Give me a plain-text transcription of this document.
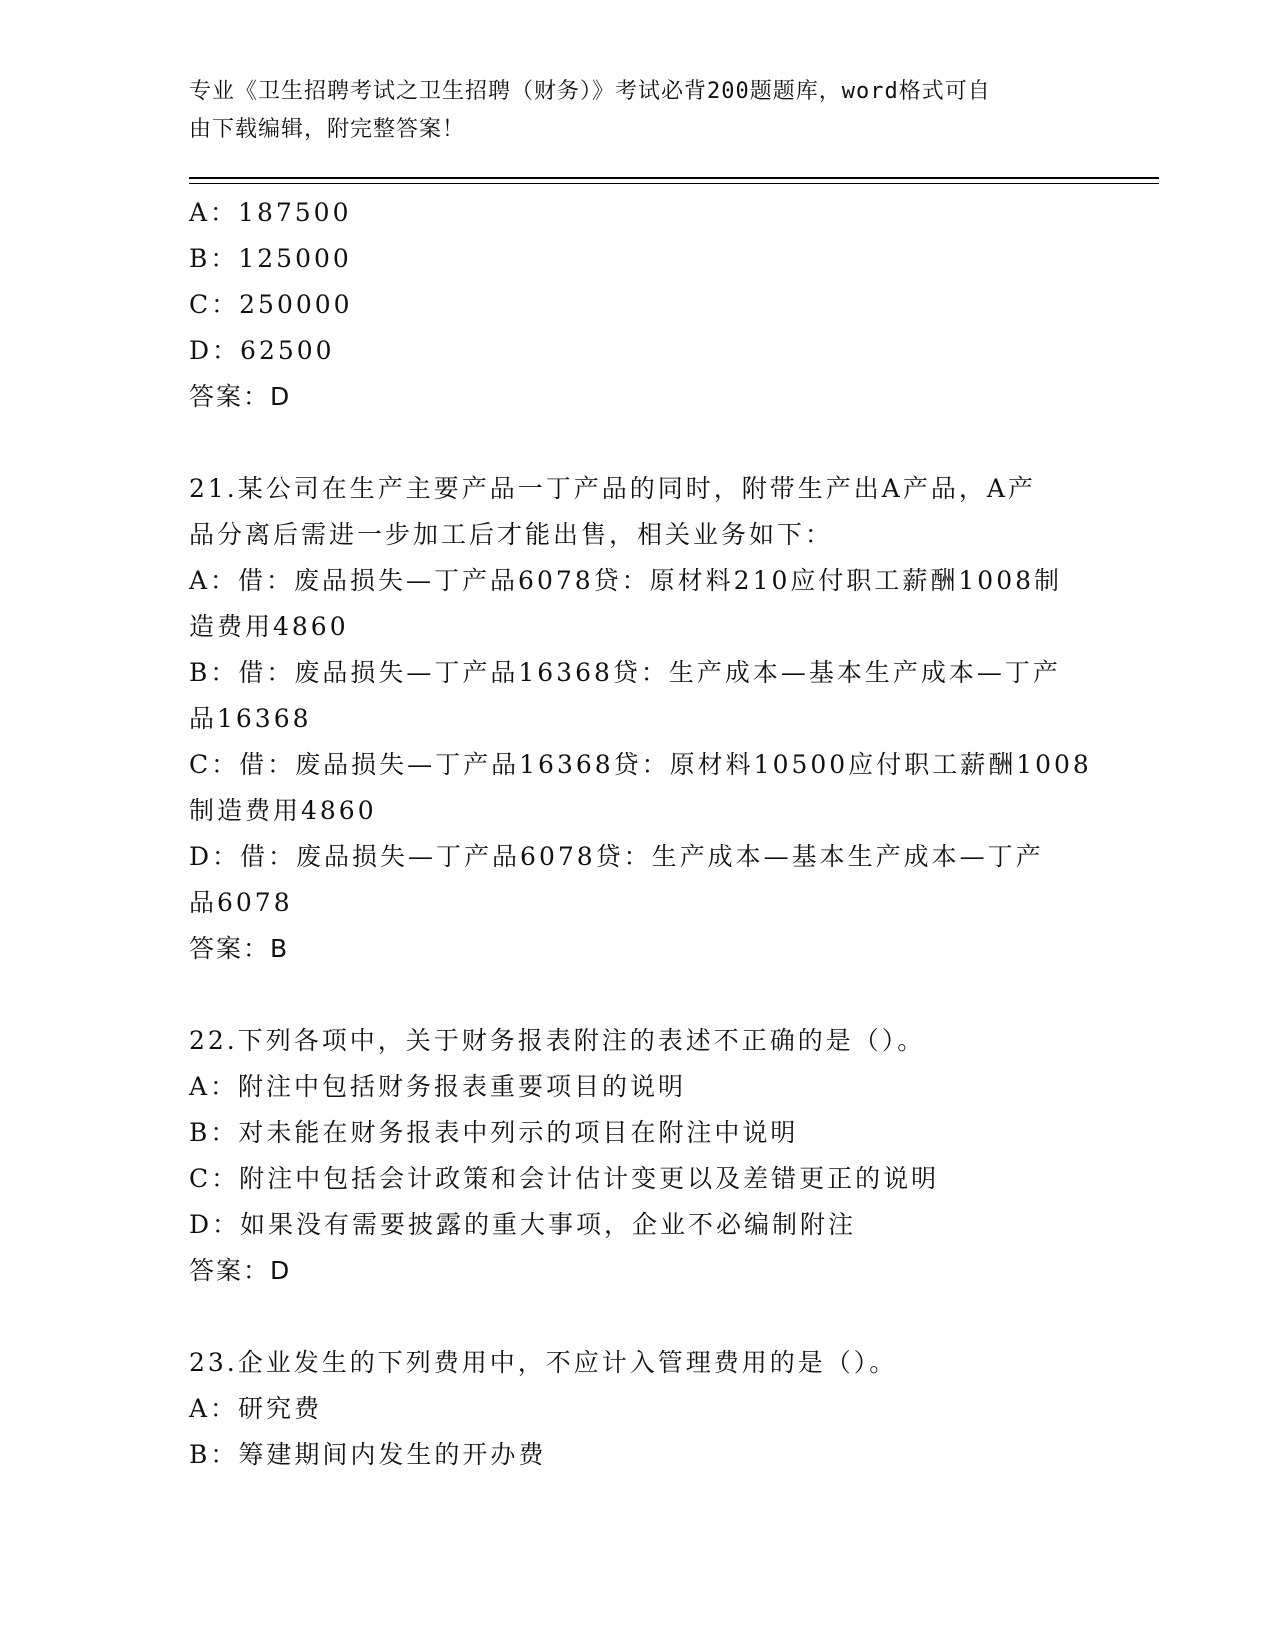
专业《卫生招聘考试之卫生招聘（财务）》考试必背200题题库，word格式可自
由下载编辑，附完整答案！
A：187500
B：125000
C：250000
D：62500
答案：D
21.某公司在生产主要产品一丁产品的同时，附带生产出A产品，A产
品分离后需进一步加工后才能出售，相关业务如下：
A：借：废品损失—丁产品6078贷：原材料210应付职工薪酬1008制
造费用4860
B：借：废品损失—丁产品16368贷：生产成本—基本生产成本—丁产
品16368
C：借：废品损失—丁产品16368贷：原材料10500应付职工薪酬1008
制造费用4860
D：借：废品损失—丁产品6078贷：生产成本—基本生产成本—丁产
品6078
答案：B
22.下列各项中，关于财务报表附注的表述不正确的是（）。
A：附注中包括财务报表重要项目的说明
B：对未能在财务报表中列示的项目在附注中说明
C：附注中包括会计政策和会计估计变更以及差错更正的说明
D：如果没有需要披露的重大事项，企业不必编制附注
答案：D
23.企业发生的下列费用中，不应计入管理费用的是（）。
A：研究费
B：筹建期间内发生的开办费
